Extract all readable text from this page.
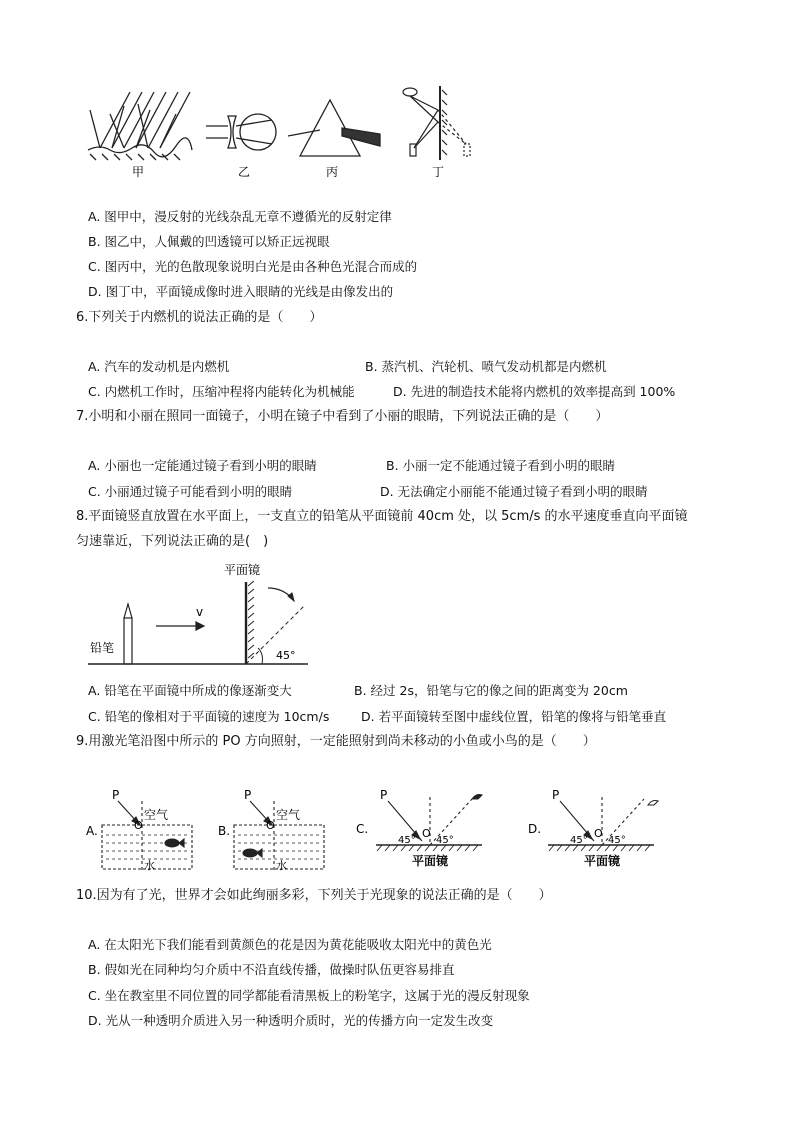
甲	乙	丙	丁
A. 图甲中，漫反射的光线杂乱无章不遵循光的反射定律
B. 图乙中，人佩戴的凹透镜可以矫正远视眼
C. 图丙中，光的色散现象说明白光是由各种色光混合而成的
D. 图丁中，平面镜成像时进入眼睛的光线是由像发出的
6.下列关于内燃机的说法正确的是（　　）
A. 汽车的发动机是内燃机	B. 蒸汽机、汽轮机、喷气发动机都是内燃机
C. 内燃机工作时，压缩冲程将内能转化为机械能	D. 先进的制造技术能将内燃机的效率提高到 100%
7.小明和小丽在照同一面镜子，小明在镜子中看到了小丽的眼睛，下列说法正确的是（　　）
A. 小丽也一定能通过镜子看到小明的眼睛	B. 小丽一定不能通过镜子看到小明的眼睛
C. 小丽通过镜子可能看到小明的眼睛	D. 无法确定小丽能不能通过镜子看到小明的眼睛
8.平面镜竖直放置在水平面上，一支直立的铅笔从平面镜前 40cm 处，以 5cm/s 的水平速度垂直向平面镜
匀速靠近，下列说法正确的是(　)
平面镜
铅笔
v
45°
A. 铅笔在平面镜中所成的像逐渐变大	B. 经过 2s，铅笔与它的像之间的距离变为 20cm
C. 铅笔的像相对于平面镜的速度为 10cm/s	D. 若平面镜转至图中虚线位置，铅笔的像将与铅笔垂直
9.用激光笔沿图中所示的 PO 方向照射，一定能照射到尚未移动的小鱼或小鸟的是（　　）
A.
P
空气
O
水
B.
P
空气
O
水
C.
P
O
45° 45°
平面镜
D.
P
O
45° 45°
平面镜
10.因为有了光，世界才会如此绚丽多彩，下列关于光现象的说法正确的是（　　）
A. 在太阳光下我们能看到黄颜色的花是因为黄花能吸收太阳光中的黄色光
B. 假如光在同种均匀介质中不沿直线传播，做操时队伍更容易排直
C. 坐在教室里不同位置的同学都能看清黑板上的粉笔字，这属于光的漫反射现象
D. 光从一种透明介质进入另一种透明介质时，光的传播方向一定发生改变
